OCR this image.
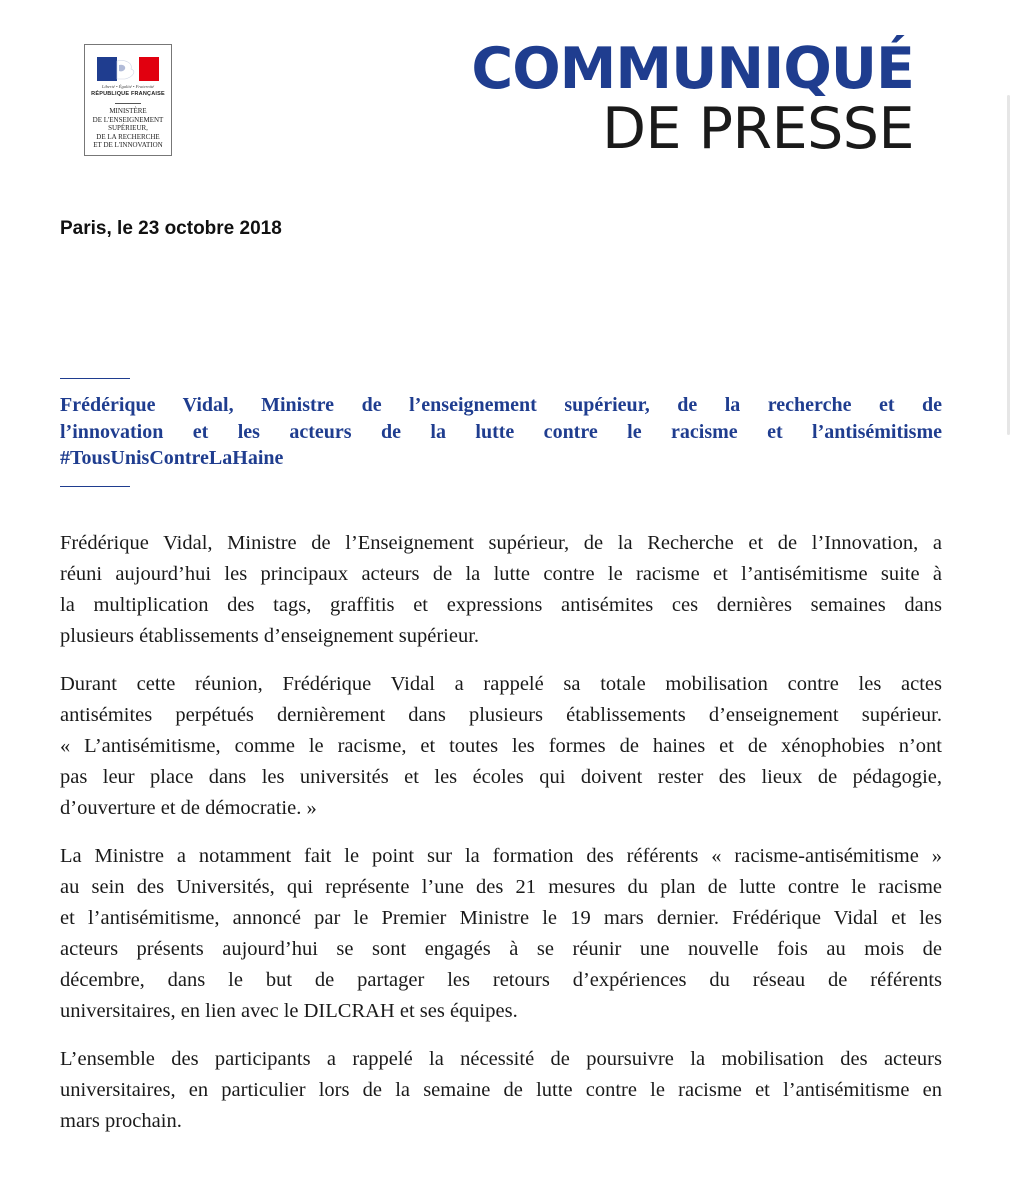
Liberté • Égalité • Fraternité
RÉPUBLIQUE FRANÇAISE
MINISTÈRE
DE L'ENSEIGNEMENT
SUPÉRIEUR,
DE LA RECHERCHE
ET DE L'INNOVATION
COMMUNIQUÉ
DE PRESSE
Paris, le 23 octobre 2018
Frédérique Vidal, Ministre de l’enseignement supérieur, de la recherche et de
l’innovation et les acteurs de la lutte contre le racisme et l’antisémitisme
#TousUnisContreLaHaine

Frédérique Vidal, Ministre de l’Enseignement supérieur, de la Recherche et de l’Innovation, a
réuni aujourd’hui les principaux acteurs de la lutte contre le racisme et l’antisémitisme suite à
la multiplication des tags, graffitis et expressions antisémites ces dernières semaines dans
plusieurs établissements d’enseignement supérieur.

Durant cette réunion, Frédérique Vidal a rappelé sa totale mobilisation contre les actes
antisémites perpétués dernièrement dans plusieurs établissements d’enseignement supérieur.
« L’antisémitisme, comme le racisme, et toutes les formes de haines et de xénophobies n’ont
pas leur place dans les universités et les écoles qui doivent rester des lieux de pédagogie,
d’ouverture et de démocratie. »

La Ministre a notamment fait le point sur la formation des référents « racisme-antisémitisme »
au sein des Universités, qui représente l’une des 21 mesures du plan de lutte contre le racisme
et l’antisémitisme, annoncé par le Premier Ministre le 19 mars dernier. Frédérique Vidal et les
acteurs présents aujourd’hui se sont engagés à se réunir une nouvelle fois au mois de
décembre, dans le but de partager les retours d’expériences du réseau de référents
universitaires, en lien avec le DILCRAH et ses équipes.

L’ensemble des participants a rappelé la nécessité de poursuivre la mobilisation des acteurs
universitaires, en particulier lors de la semaine de lutte contre le racisme et l’antisémitisme en
mars prochain.
